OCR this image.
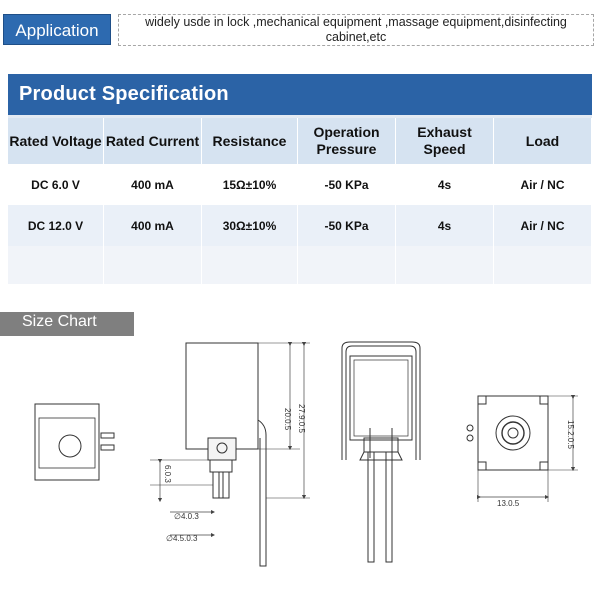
Application	widely usde in lock ,mechanical equipment ,massage equipment,disinfecting cabinet,etc
Product Specification
Rated Voltage	Rated Current	Resistance	Operation Pressure	Exhaust Speed	Load
DC 6.0 V	400 mA	15Ω±10%	-50 KPa	4s	Air / NC
DC 12.0 V	400 mA	30Ω±10%	-50 KPa	4s	Air / NC

Size Chart
20.0.5 27.9.0.5
6.0.3
∅4.0.3
∅4.5.0.3
15.2.0.5
13.0.5
